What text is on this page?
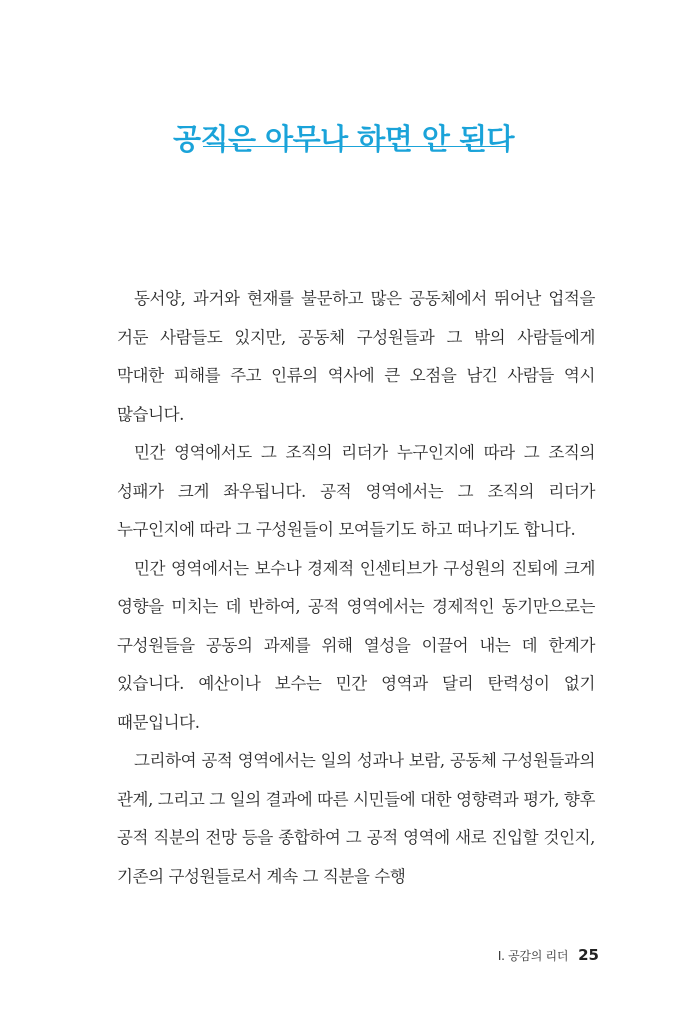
공직은 아무나 하면 안 된다

동서양, 과거와 현재를 불문하고 많은 공동체에서 뛰어난 업적을 거둔 사람들도 있지만, 공동체 구성원들과 그 밖의 사람들에게 막대한 피해를 주고 인류의 역사에 큰 오점을 남긴 사람들 역시 많습니다.

민간 영역에서도 그 조직의 리더가 누구인지에 따라 그 조직의 성패가 크게 좌우됩니다. 공적 영역에서는 그 조직의 리더가 누구인지에 따라 그 구성원들이 모여들기도 하고 떠나기도 합니다.

민간 영역에서는 보수나 경제적 인센티브가 구성원의 진퇴에 크게 영향을 미치는 데 반하여, 공적 영역에서는 경제적인 동기만으로는 구성원들을 공동의 과제를 위해 열성을 이끌어 내는 데 한계가 있습니다. 예산이나 보수는 민간 영역과 달리 탄력성이 없기 때문입니다.

그리하여 공적 영역에서는 일의 성과나 보람, 공동체 구성원들과의 관계, 그리고 그 일의 결과에 따른 시민들에 대한 영향력과 평가, 향후 공적 직분의 전망 등을 종합하여 그 공적 영역에 새로 진입할 것인지, 기존의 구성원들로서 계속 그 직분을 수행

I. 공감의 리더 25
